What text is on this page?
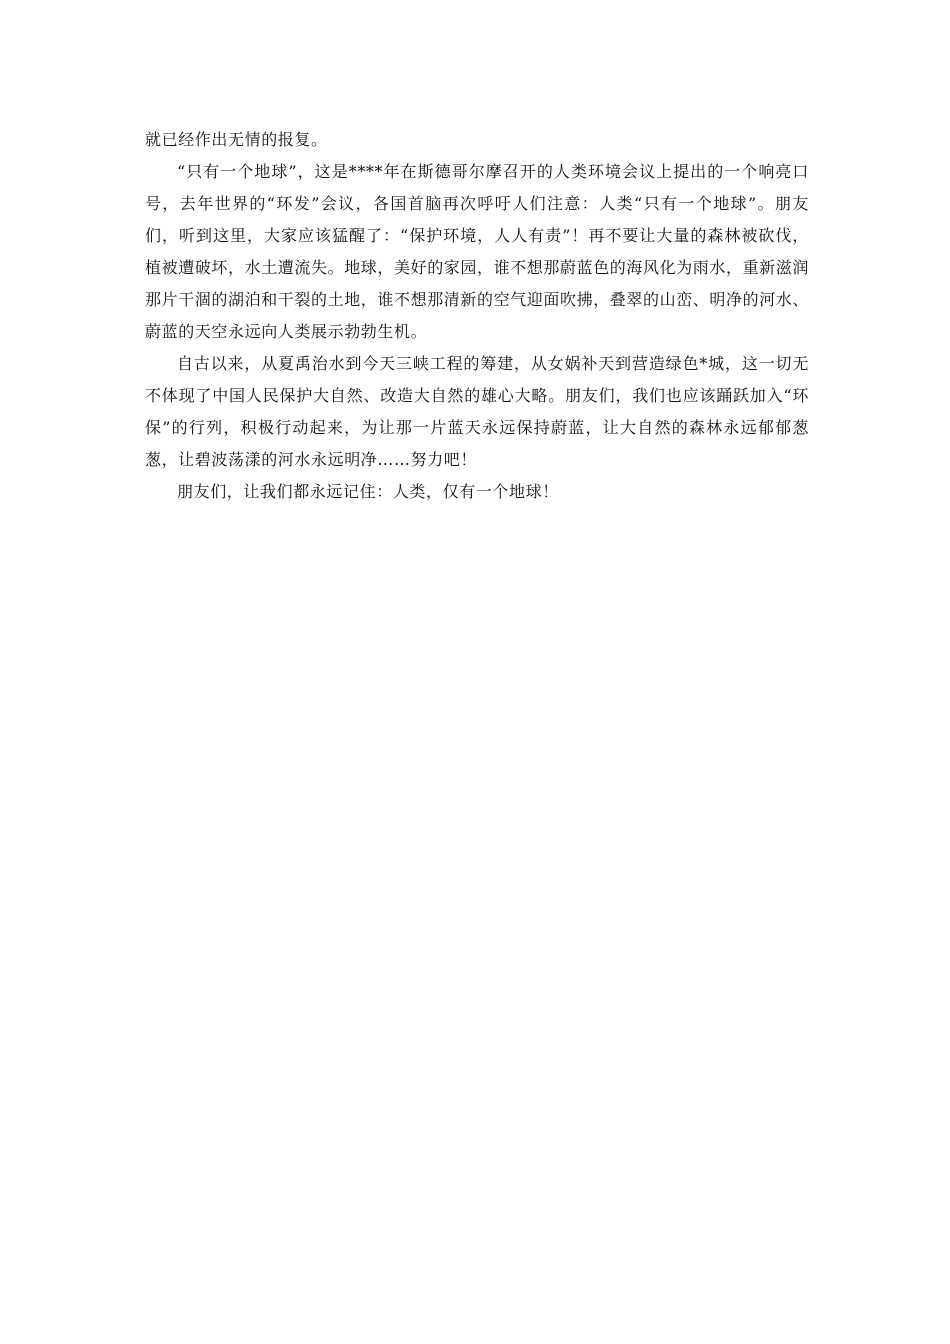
就已经作出无情的报复。

“只有一个地球”，这是****年在斯德哥尔摩召开的人类环境会议上提出的一个响亮口号，去年世界的“环发”会议，各国首脑再次呼吁人们注意：人类“只有一个地球”。朋友们，听到这里，大家应该猛醒了：“保护环境，人人有责”！再不要让大量的森林被砍伐，植被遭破坏，水土遭流失。地球，美好的家园，谁不想那蔚蓝色的海风化为雨水，重新滋润那片干涸的湖泊和干裂的土地，谁不想那清新的空气迎面吹拂，叠翠的山峦、明净的河水、蔚蓝的天空永远向人类展示勃勃生机。

自古以来，从夏禹治水到今天三峡工程的筹建，从女娲补天到营造绿色*城，这一切无不体现了中国人民保护大自然、改造大自然的雄心大略。朋友们，我们也应该踊跃加入“环保”的行列，积极行动起来，为让那一片蓝天永远保持蔚蓝，让大自然的森林永远郁郁葱葱，让碧波荡漾的河水永远明净……努力吧！

朋友们，让我们都永远记住：人类，仅有一个地球！
